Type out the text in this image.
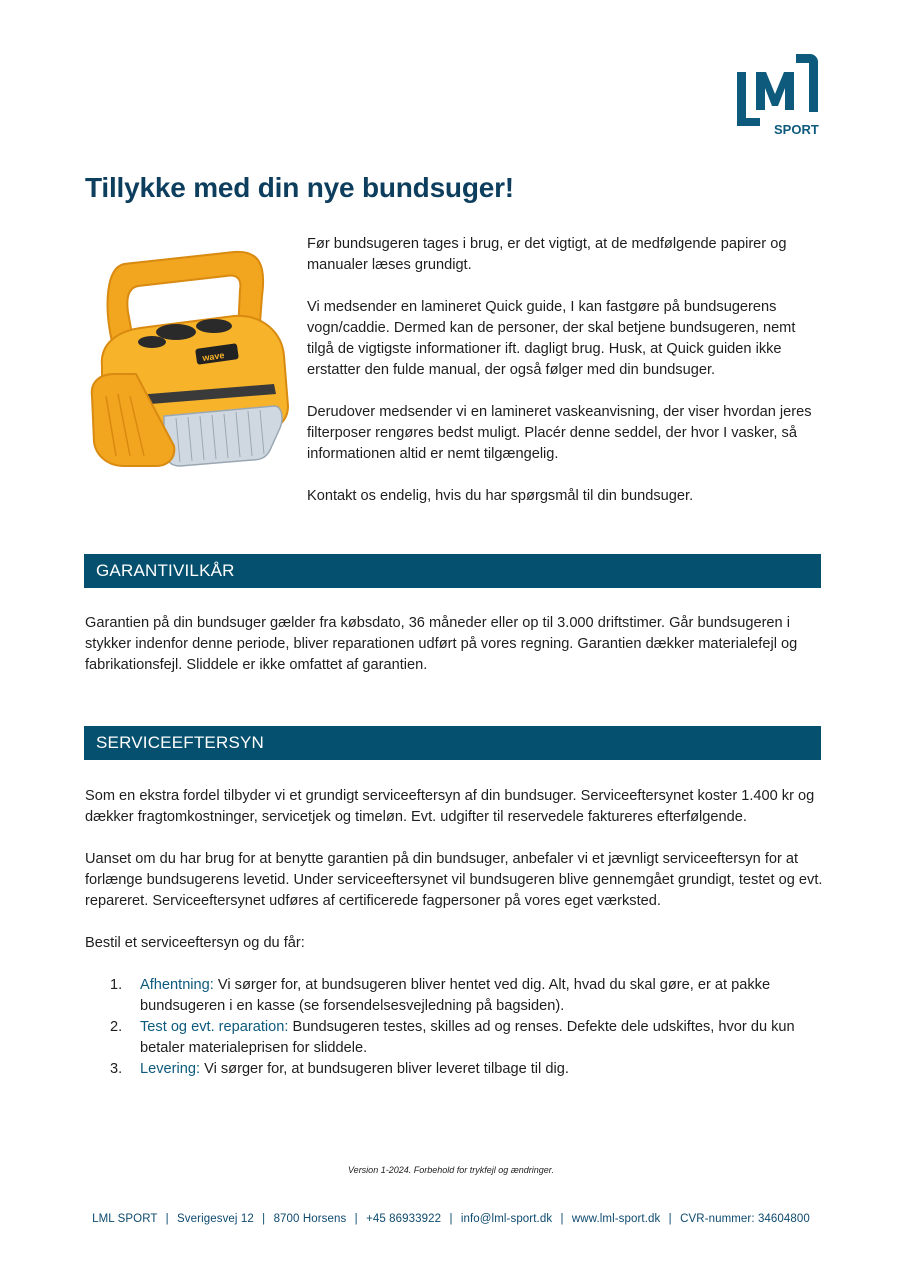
SPORT
Tillykke med din nye bundsuger!
wave

Før bundsugeren tages i brug, er det vigtigt, at de medfølgende papirer og manualer læses grundigt.

Vi medsender en lamineret Quick guide, I kan fastgøre på bundsugerens vogn/caddie. Dermed kan de personer, der skal betjene bundsugeren, nemt tilgå de vigtigste informationer ift. dagligt brug. Husk, at Quick guiden ikke erstatter den fulde manual, der også følger med din bundsuger.

Derudover medsender vi en lamineret vaskeanvisning, der viser hvordan jeres filterposer rengøres bedst muligt. Placér denne seddel, der hvor I vasker, så informationen altid er nemt tilgængelig.

Kontakt os endelig, hvis du har spørgsmål til din bundsuger.

GARANTIVILKÅR

Garantien på din bundsuger gælder fra købsdato, 36 måneder eller op til 3.000 driftstimer. Går bundsugeren i stykker indenfor denne periode, bliver reparationen udført på vores regning. Garantien dækker materialefejl og fabrikationsfejl. Sliddele er ikke omfattet af garantien.

SERVICEEFTERSYN

Som en ekstra fordel tilbyder vi et grundigt serviceeftersyn af din bundsuger. Serviceeftersynet koster 1.400 kr og dækker fragtomkostninger, servicetjek og timeløn. Evt. udgifter til reservedele faktureres efterfølgende.

Uanset om du har brug for at benytte garantien på din bundsuger, anbefaler vi et jævnligt serviceeftersyn for at forlænge bundsugerens levetid. Under serviceeftersynet vil bundsugeren blive gennemgået grundigt, testet og evt. repareret. Serviceeftersynet udføres af certificerede fagpersoner på vores eget værksted.

Bestil et serviceeftersyn og du får:

1. Afhentning: Vi sørger for, at bundsugeren bliver hentet ved dig. Alt, hvad du skal gøre, er at pakke bundsugeren i en kasse (se forsendelsesvejledning på bagsiden).
2. Test og evt. reparation: Bundsugeren testes, skilles ad og renses. Defekte dele udskiftes, hvor du kun betaler materialeprisen for sliddele.
3. Levering: Vi sørger for, at bundsugeren bliver leveret tilbage til dig.
Version 1-2024. Forbehold for trykfejl og ændringer.
LML SPORT | Sverigesvej 12 | 8700 Horsens | +45 86933922 | info@lml-sport.dk | www.lml-sport.dk | CVR-nummer: 34604800
